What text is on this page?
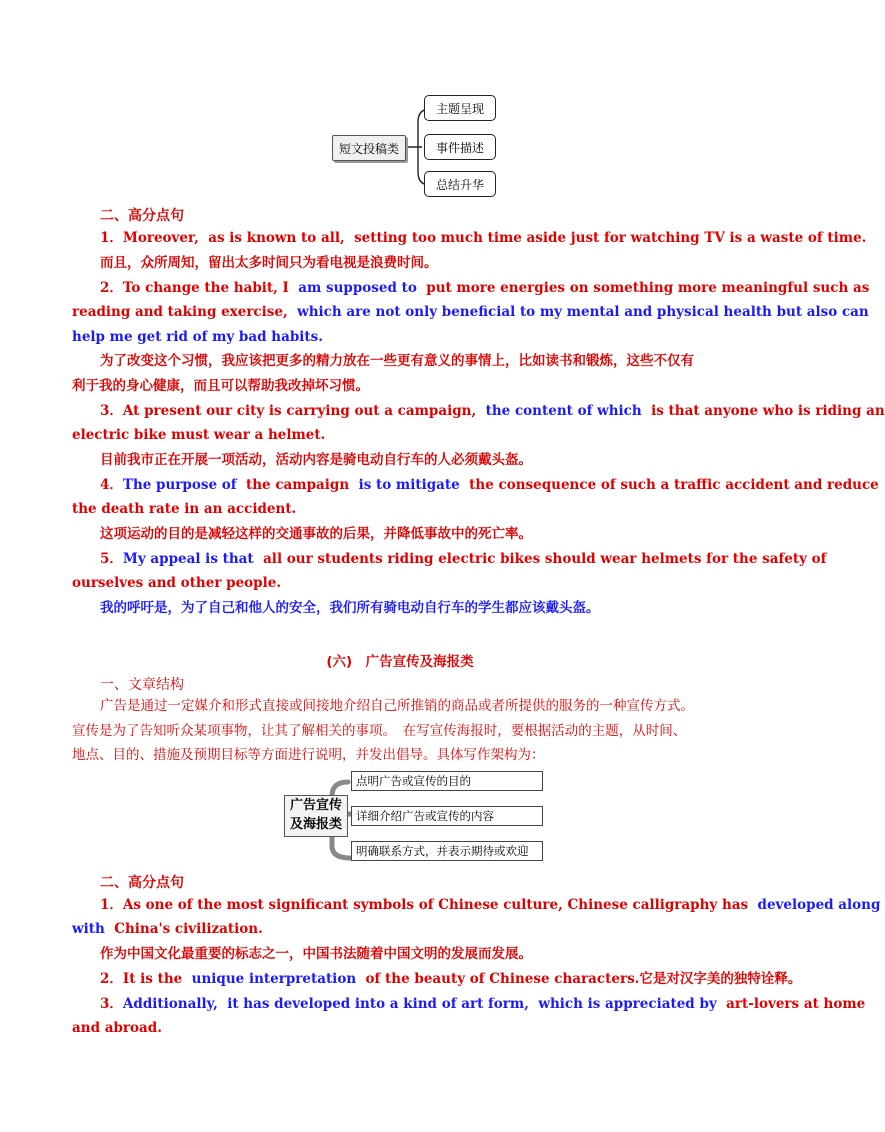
短文投稿类
主题呈现
事件描述
总结升华
二、高分点句
1．Moreover, as is known to all, setting too much time aside just for watching TV is a waste of time.
而且，众所周知，留出太多时间只为看电视是浪费时间。
2．To change the habit, I am supposed to put more energies on something more meaningful such as
reading and taking exercise, which are not only beneficial to my mental and physical health but also can
help me get rid of my bad habits.
为了改变这个习惯，我应该把更多的精力放在一些更有意义的事情上，比如读书和锻炼，这些不仅有
利于我的身心健康，而且可以帮助我改掉坏习惯。
3．At present our city is carrying out a campaign, the content of which is that anyone who is riding an
electric bike must wear a helmet.
目前我市正在开展一项活动，活动内容是骑电动自行车的人必须戴头盔。
4．The purpose of the campaign is to mitigate the consequence of such a traffic accident and reduce
the death rate in an accident.
这项运动的目的是减轻这样的交通事故的后果，并降低事故中的死亡率。
5．My appeal is that all our students riding electric bikes should wear helmets for the safety of
ourselves and other people.
我的呼吁是，为了自己和他人的安全，我们所有骑电动自行车的学生都应该戴头盔。
(六)　广告宣传及海报类
一、文章结构
广告是通过一定媒介和形式直接或间接地介绍自己所推销的商品或者所提供的服务的一种宣传方式。
宣传是为了告知听众某项事物，让其了解相关的事项。　在写宣传海报时，要根据活动的主题，从时间、
地点、目的、措施及预期目标等方面进行说明，并发出倡导。具体写作架构为：
广告宣传
及海报类
点明广告或宣传的目的
详细介绍广告或宣传的内容
明确联系方式，并表示期待或欢迎
二、高分点句
1．As one of the most significant symbols of Chinese culture, Chinese calligraphy has developed along
with China's civilization.
作为中国文化最重要的标志之一，中国书法随着中国文明的发展而发展。
2．It is the unique interpretation of the beauty of Chinese characters.它是对汉字美的独特诠释。
3．Additionally, it has developed into a kind of art form, which is appreciated by art-lovers at home
and abroad.
